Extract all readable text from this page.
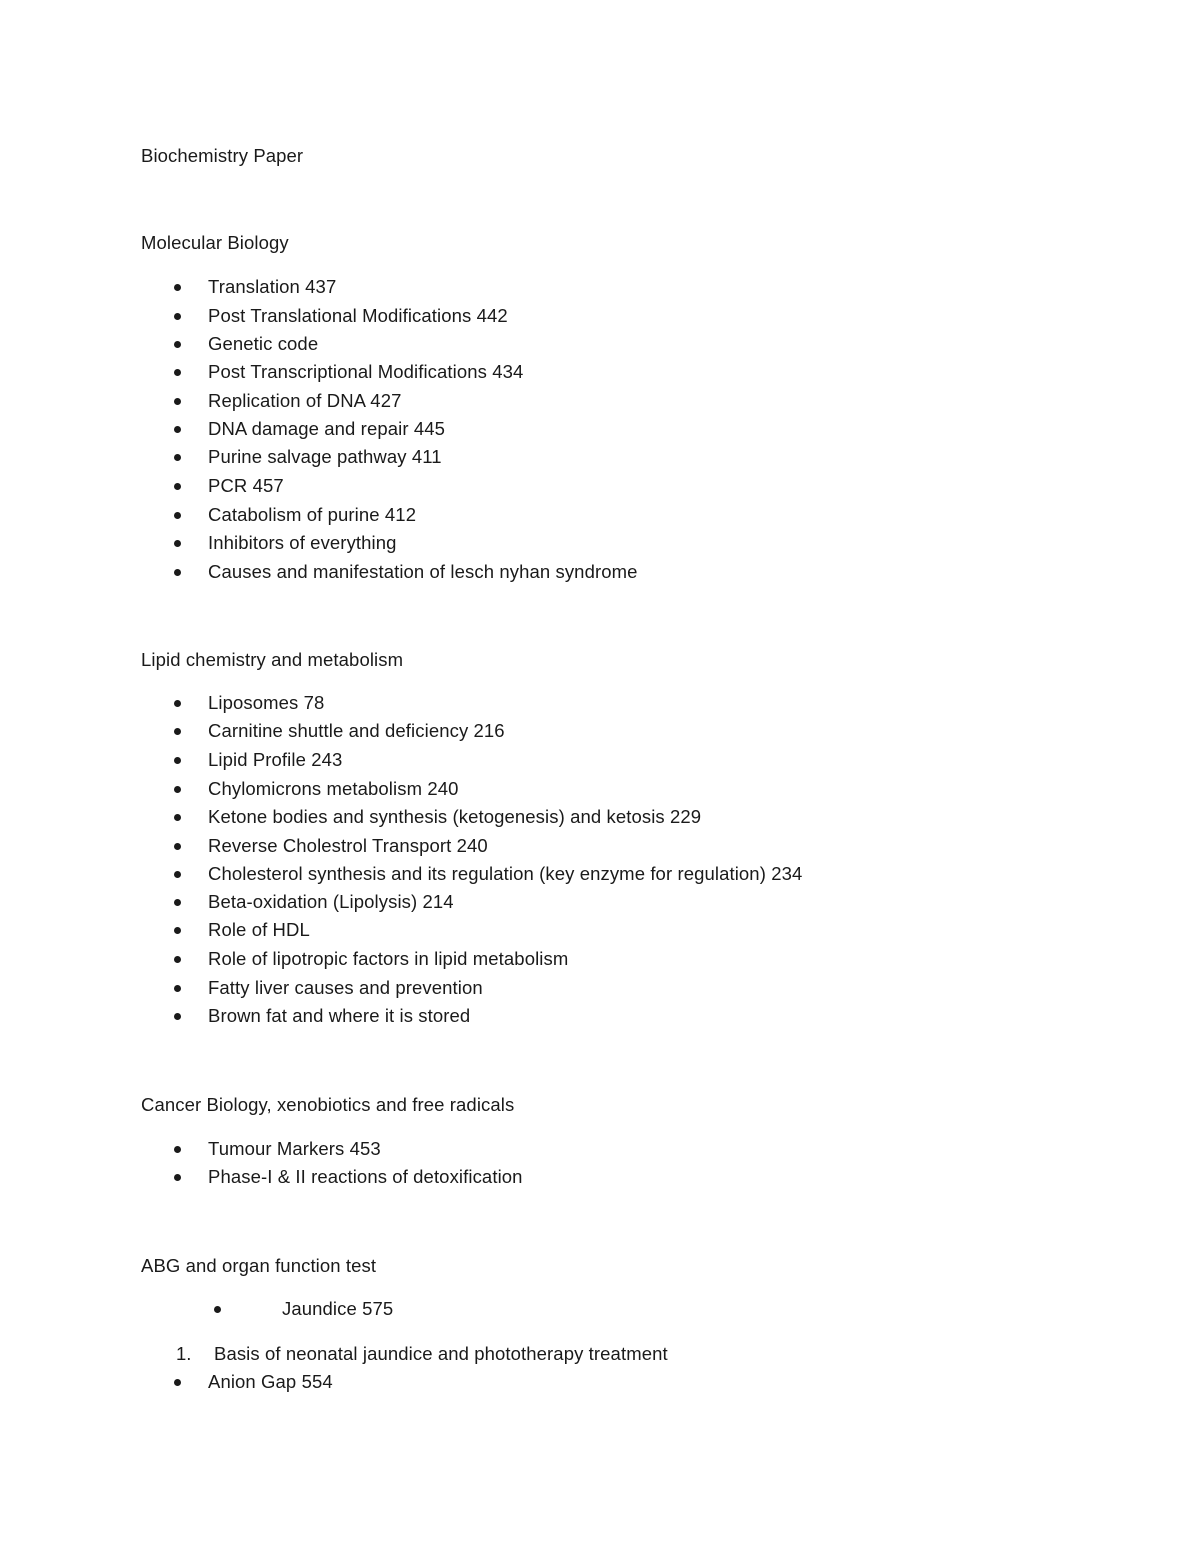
Biochemistry Paper
Molecular Biology
Translation 437
Post Translational Modifications 442
Genetic code
Post Transcriptional Modifications 434
Replication of DNA 427
DNA damage and repair 445
Purine salvage pathway 411
PCR 457
Catabolism of purine 412
Inhibitors of everything
Causes and manifestation of lesch nyhan syndrome
Lipid chemistry and metabolism
Liposomes 78
Carnitine shuttle and deficiency 216
Lipid Profile 243
Chylomicrons metabolism 240
Ketone bodies and synthesis (ketogenesis) and ketosis 229
Reverse Cholestrol Transport 240
Cholesterol synthesis and its regulation (key enzyme for regulation) 234
Beta-oxidation (Lipolysis) 214
Role of HDL
Role of lipotropic factors in lipid metabolism
Fatty liver causes and prevention
Brown fat and where it is stored
Cancer Biology, xenobiotics and free radicals
Tumour Markers 453
Phase-I & II reactions of detoxification
ABG and organ function test
Jaundice 575
1. Basis of neonatal jaundice and phototherapy treatment
Anion Gap 554
